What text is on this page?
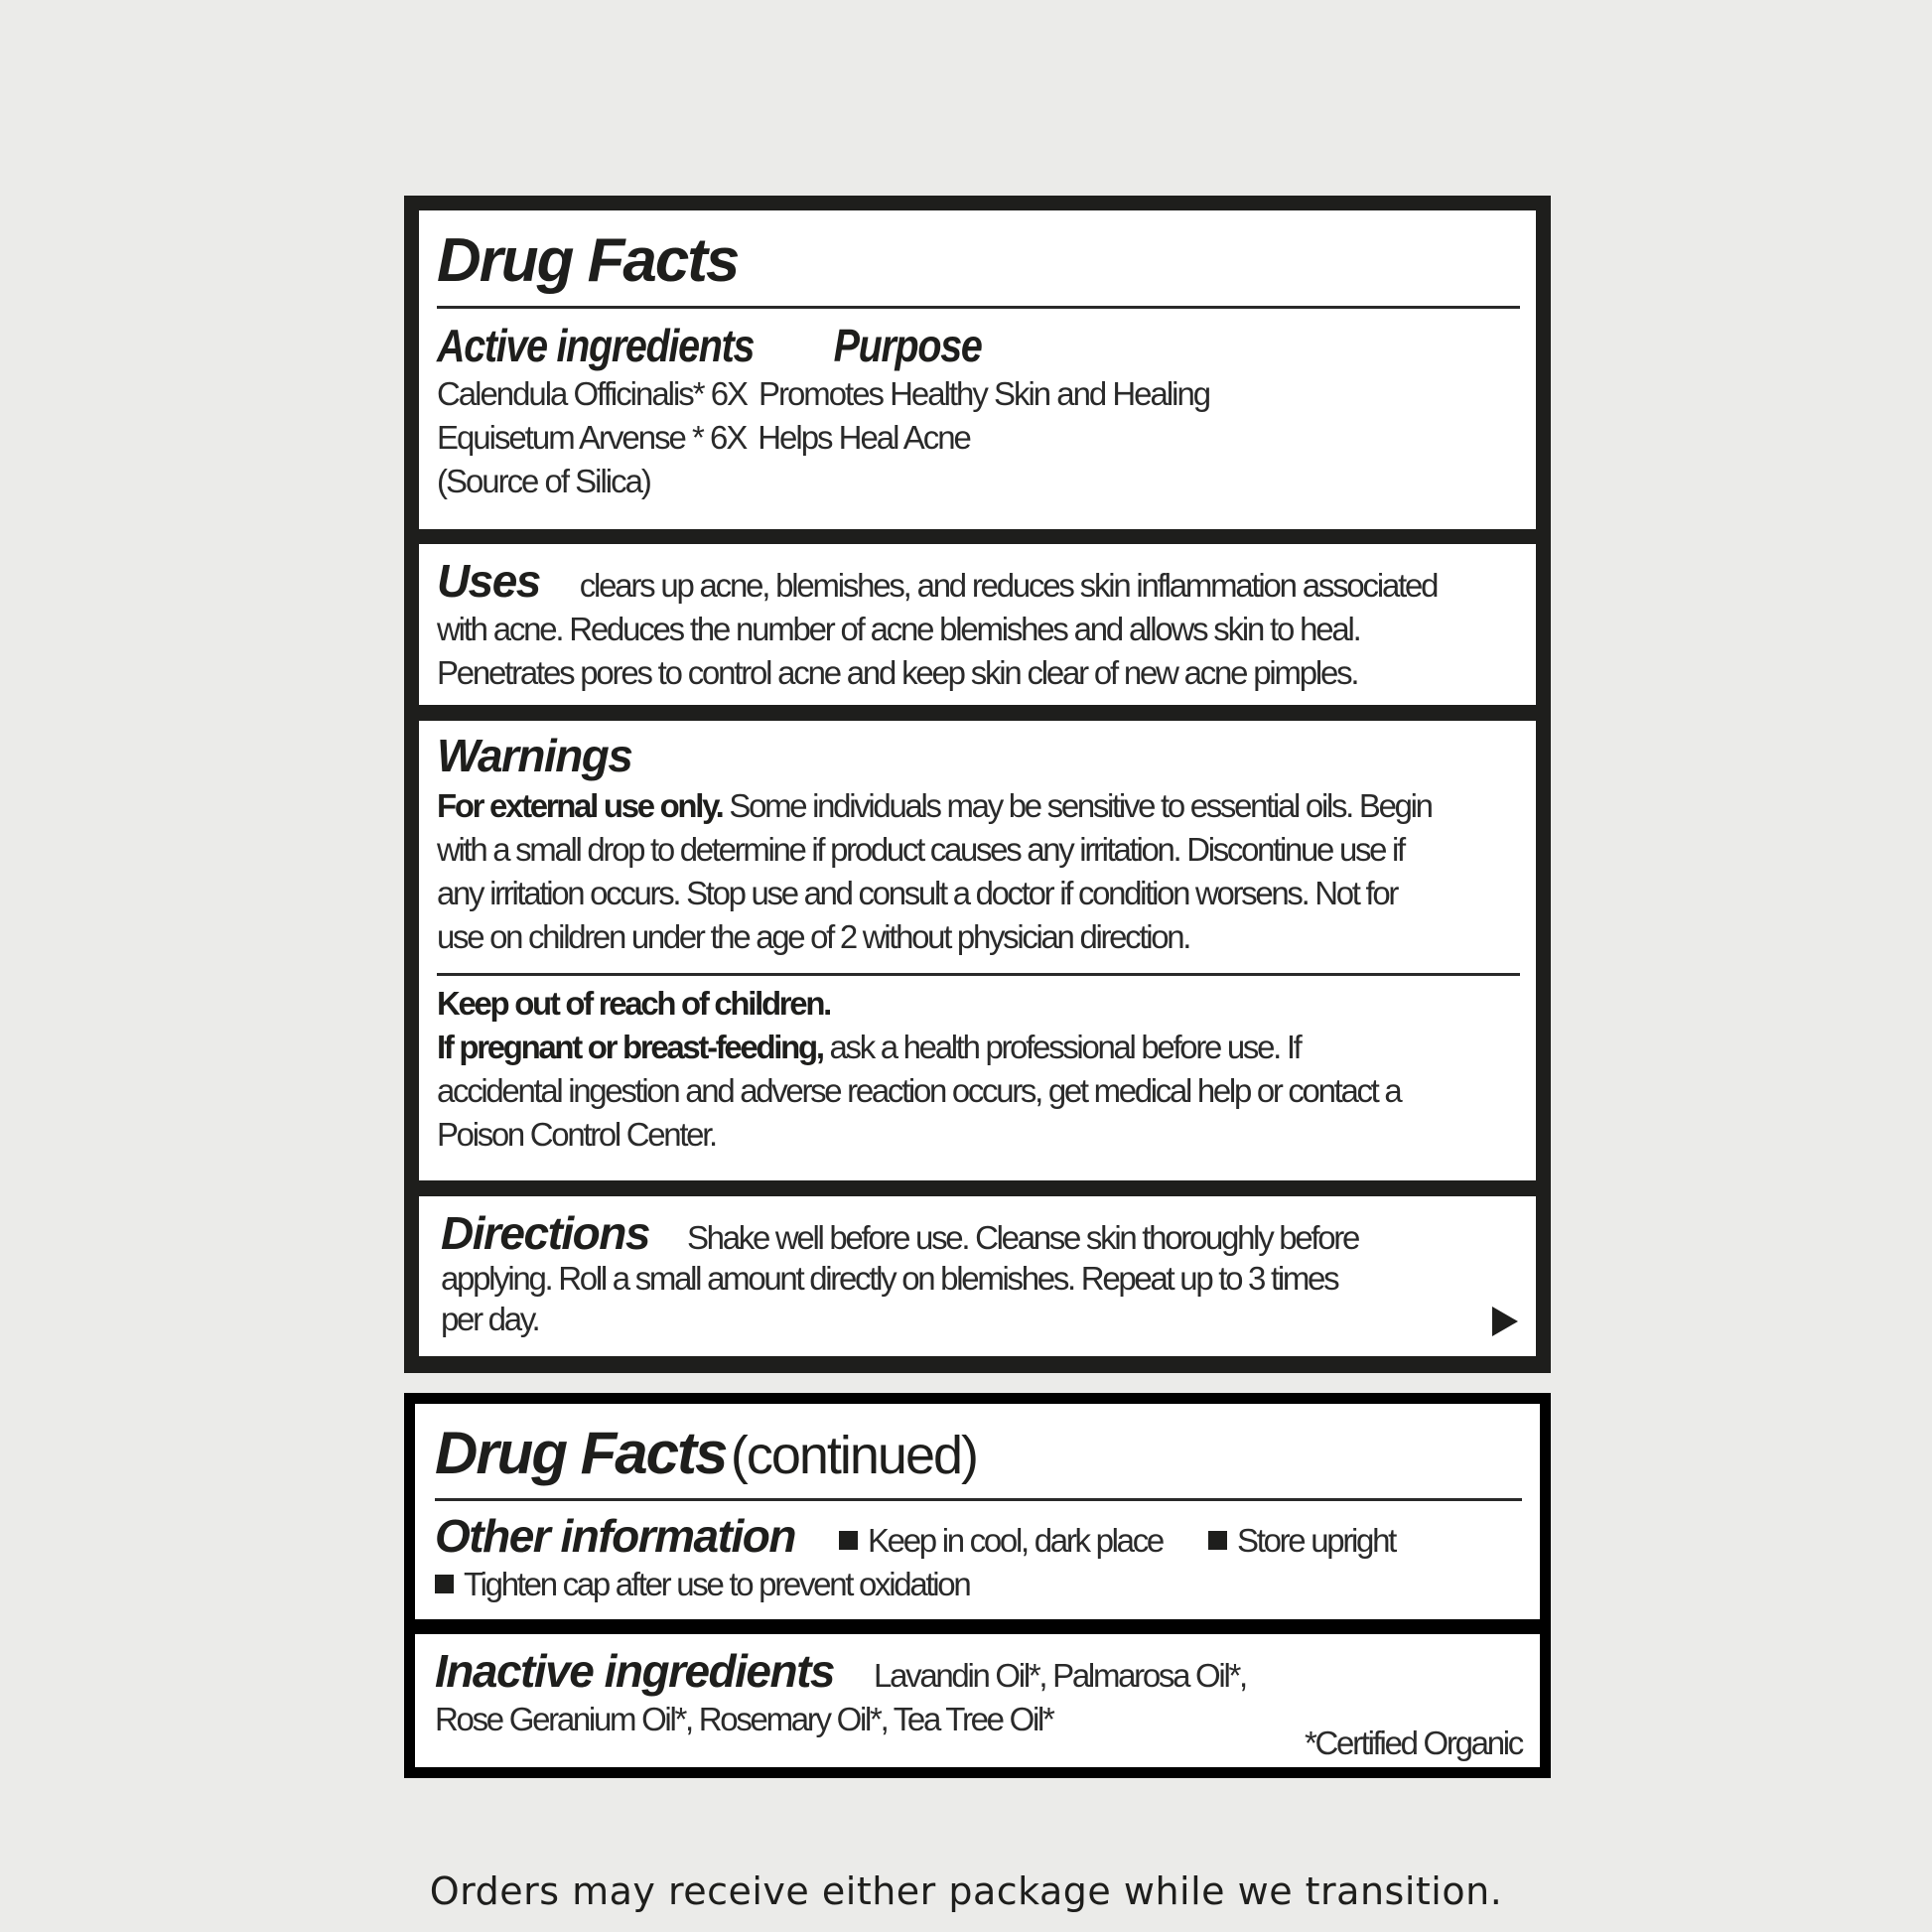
Drug Facts
Active ingredients Purpose
Calendula Officinalis* 6X Promotes Healthy Skin and Healing
Equisetum Arvense * 6X Helps Heal Acne
(Source of Silica)
Uses clears up acne, blemishes, and reduces skin inflammation associated
with acne. Reduces the number of acne blemishes and allows skin to heal.
Penetrates pores to control acne and keep skin clear of new acne pimples.
Warnings
For external use only. Some individuals may be sensitive to essential oils. Begin
with a small drop to determine if product causes any irritation. Discontinue use if
any irritation occurs. Stop use and consult a doctor if condition worsens. Not for
use on children under the age of 2 without physician direction.
Keep out of reach of children.
If pregnant or breast-feeding, ask a health professional before use. If
accidental ingestion and adverse reaction occurs, get medical help or contact a
Poison Control Center.
Directions Shake well before use. Cleanse skin thoroughly before
applying. Roll a small amount directly on blemishes. Repeat up to 3 times
per day.
Drug Facts (continued)
Other information Keep in cool, dark place Store upright
Tighten cap after use to prevent oxidation
Inactive ingredients Lavandin Oil*, Palmarosa Oil*,
Rose Geranium Oil*, Rosemary Oil*, Tea Tree Oil*
*Certified Organic
Orders may receive either package while we transition.
